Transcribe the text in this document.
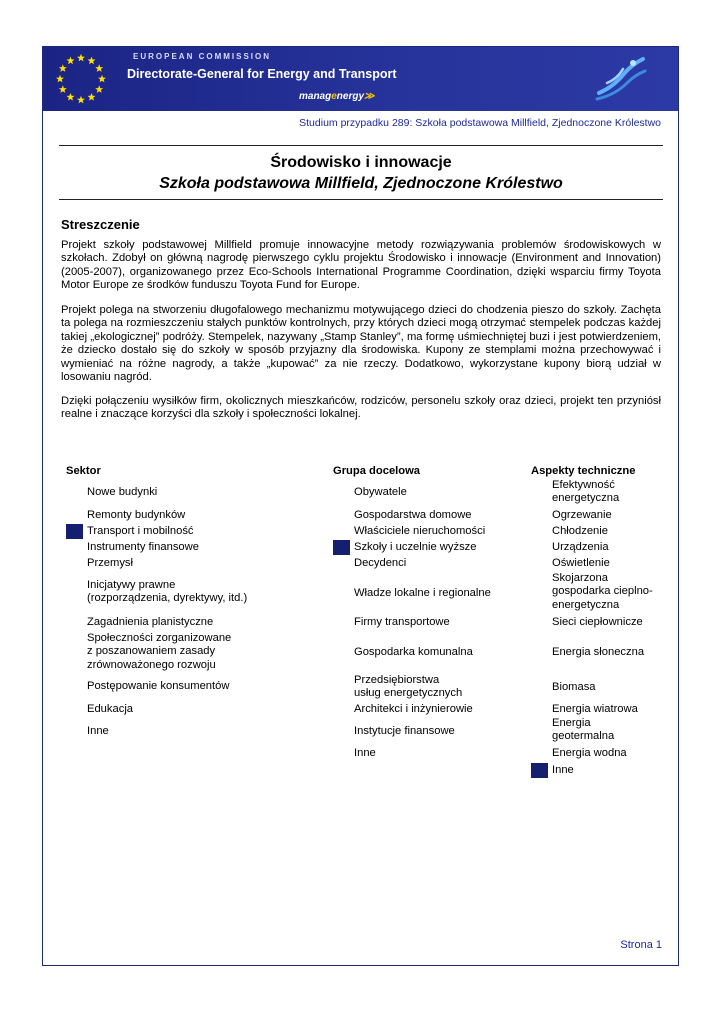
EUROPEAN COMMISSION
Directorate-General for Energy and Transport
managenergy≫
Studium przypadku 289: Szkoła podstawowa Millfield, Zjednoczone Królestwo
Środowisko i innowacje
Szkoła podstawowa Millfield, Zjednoczone Królestwo
Streszczenie
Projekt szkoły podstawowej Millfield promuje innowacyjne metody rozwiązywania problemów środowiskowych w szkołach. Zdobył on główną nagrodę pierwszego cyklu projektu Środowisko i innowacje (Environment and Innovation) (2005-2007), organizowanego przez Eco-Schools International Programme Coordination, dzięki wsparciu firmy Toyota Motor Europe ze środków funduszu Toyota Fund for Europe.
Projekt polega na stworzeniu długofalowego mechanizmu motywującego dzieci do chodzenia pieszo do szkoły. Zachęta ta polega na rozmieszczeniu stałych punktów kontrolnych, przy których dzieci mogą otrzymać stempelek podczas każdej takiej „ekologicznej” podróży. Stempelek, nazywany „Stamp Stanley”, ma formę uśmiechniętej buzi i jest potwierdzeniem, że dziecko dostało się do szkoły w sposób przyjazny dla środowiska. Kupony ze stemplami można przechowywać i wymieniać na różne nagrody, a także „kupować” za nie rzeczy. Dodatkowo, wykorzystane kupony biorą udział w losowaniu nagród.
Dzięki połączeniu wysiłków firm, okolicznych mieszkańców, rodziców, personelu szkoły oraz dzieci, projekt ten przyniósł realne i znaczące korzyści dla szkoły i społeczności lokalnej.
Sektor	Grupa docelowa	Aspekty techniczne
Nowe budynki
Remonty budynków
Transport i mobilność
Instrumenty finansowe
Przemysł
Inicjatywy prawne
(rozporządzenia, dyrektywy, itd.)
Zagadnienia planistyczne
Społeczności zorganizowane
z poszanowaniem zasady
zrównoważonego rozwoju
Postępowanie konsumentów
Edukacja
Inne
Obywatele
Gospodarstwa domowe
Właściciele nieruchomości
Szkoły i uczelnie wyższe
Decydenci
Władze lokalne i regionalne
Firmy transportowe
Gospodarka komunalna
Przedsiębiorstwa
usług energetycznych
Architekci i inżynierowie
Instytucje finansowe
Inne
Efektywność
energetyczna
Ogrzewanie
Chłodzenie
Urządzenia
Oświetlenie
Skojarzona
gospodarka cieplno-
energetyczna
Sieci ciepłownicze
Energia słoneczna
Biomasa
Energia wiatrowa
Energia
geotermalna
Energia wodna
Inne
Strona 1
